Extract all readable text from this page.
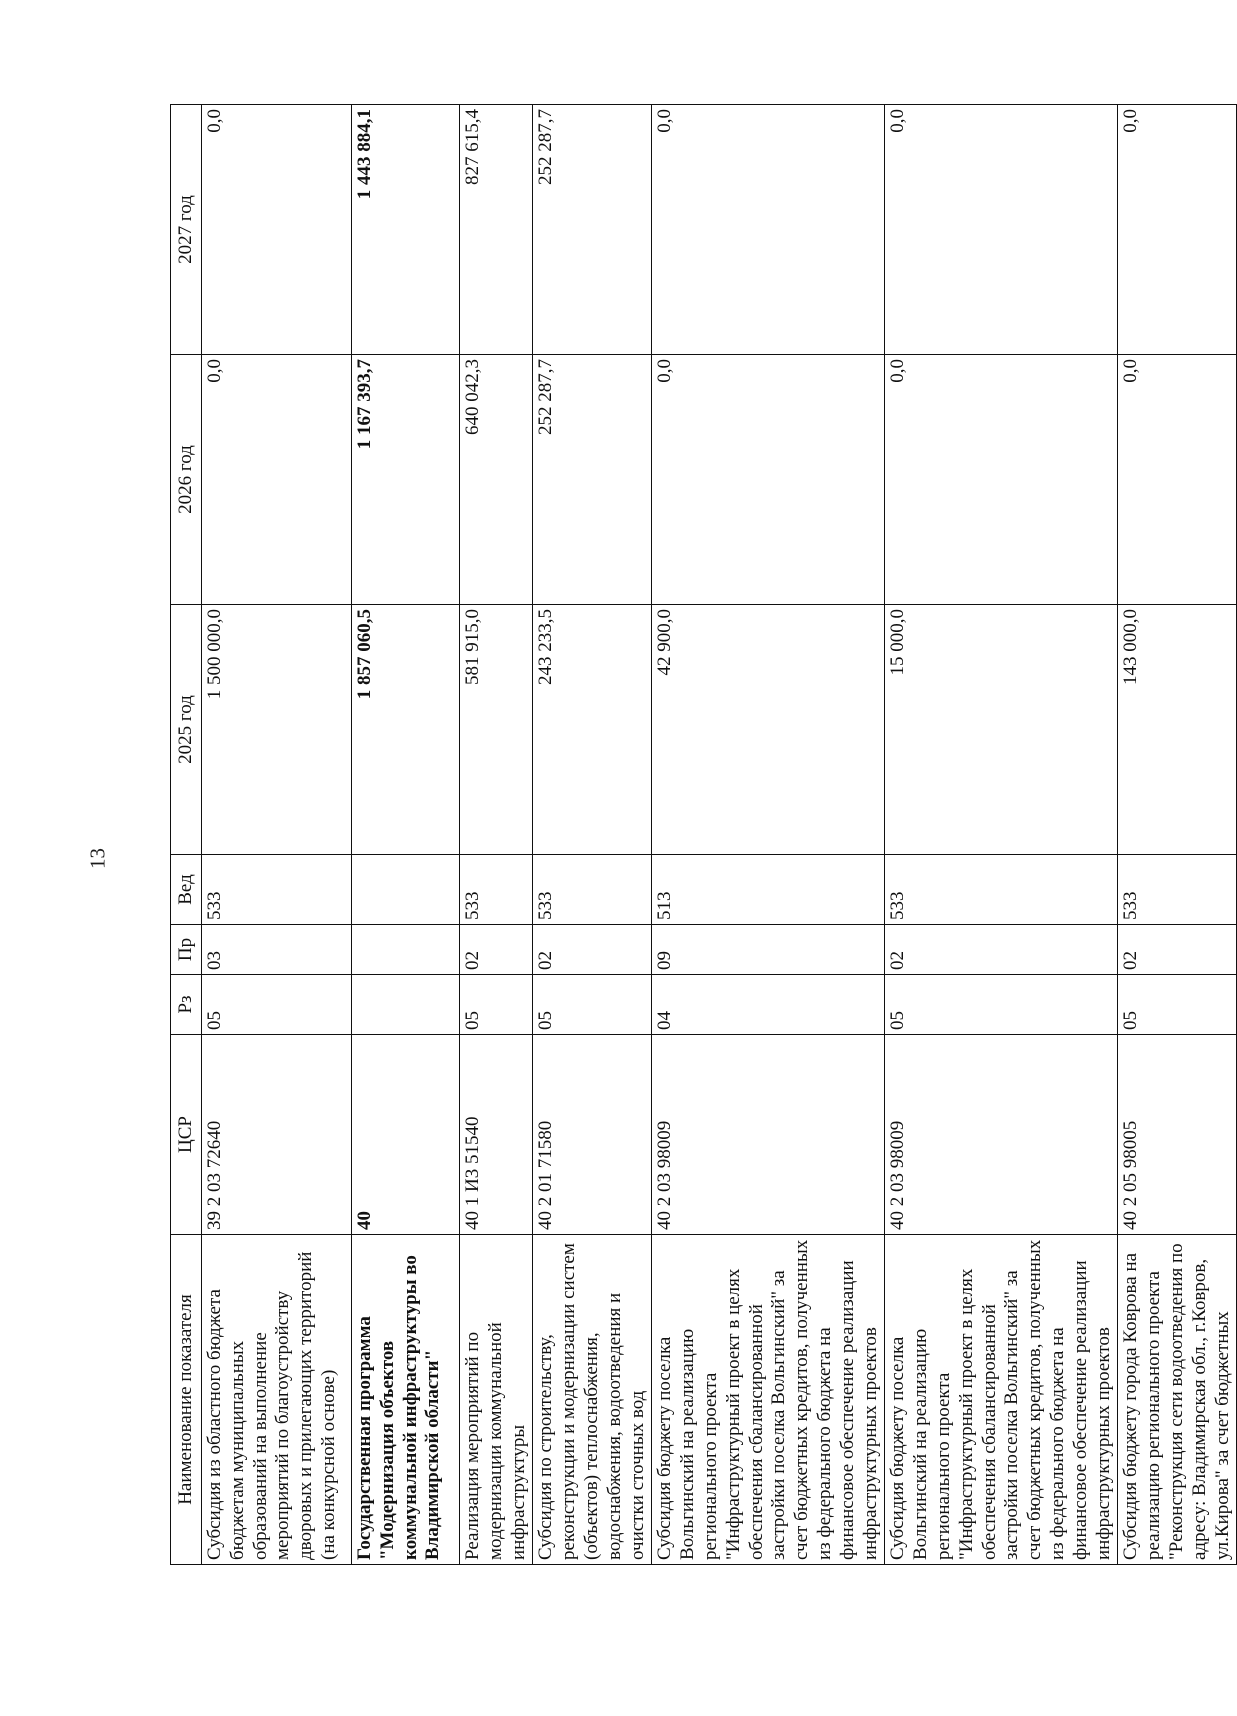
13
Наименование показателя	ЦСР	Рз	Пр	Вед	2025 год	2026 год	2027 год
Субсидия из областного бюджета бюджетам муниципальных образований на выполнение мероприятий по благоустройству дворовых и прилегающих территорий (на конкурсной основе)	39 2 03 72640	05	03	533	1 500 000,0	0,0	0,0
Государственная программа "Модернизация объектов коммунальной инфраструктуры во Владимирской области"	40				1 857 060,5	1 167 393,7	1 443 884,1
Реализация мероприятий по модернизации коммунальной инфраструктуры	40 1 И3 51540	05	02	533	581 915,0	640 042,3	827 615,4
Субсидия по строительству, реконструкции и модернизации систем (объектов) теплоснабжения, водоснабжения, водоотведения и очистки сточных вод	40 2 01 71580	05	02	533	243 233,5	252 287,7	252 287,7
Субсидия бюджету поселка Вольгинский на реализацию регионального проекта "Инфраструктурный проект в целях обеспечения сбалансированной застройки поселка Вольгинский" за счет бюджетных кредитов, полученных из федерального бюджета на финансовое обеспечение реализации инфраструктурных проектов	40 2 03 98009	04	09	513	42 900,0	0,0	0,0
Субсидия бюджету поселка Вольгинский на реализацию регионального проекта "Инфраструктурный проект в целях обеспечения сбалансированной застройки поселка Вольгинский" за счет бюджетных кредитов, полученных из федерального бюджета на финансовое обеспечение реализации инфраструктурных проектов	40 2 03 98009	05	02	533	15 000,0	0,0	0,0
Субсидия бюджету города Коврова на реализацию регионального проекта "Реконструкция сети водоотведения по адресу: Владимирская обл., г.Ковров, ул.Кирова" за счет бюджетных	40 2 05 98005	05	02	533	143 000,0	0,0	0,0
